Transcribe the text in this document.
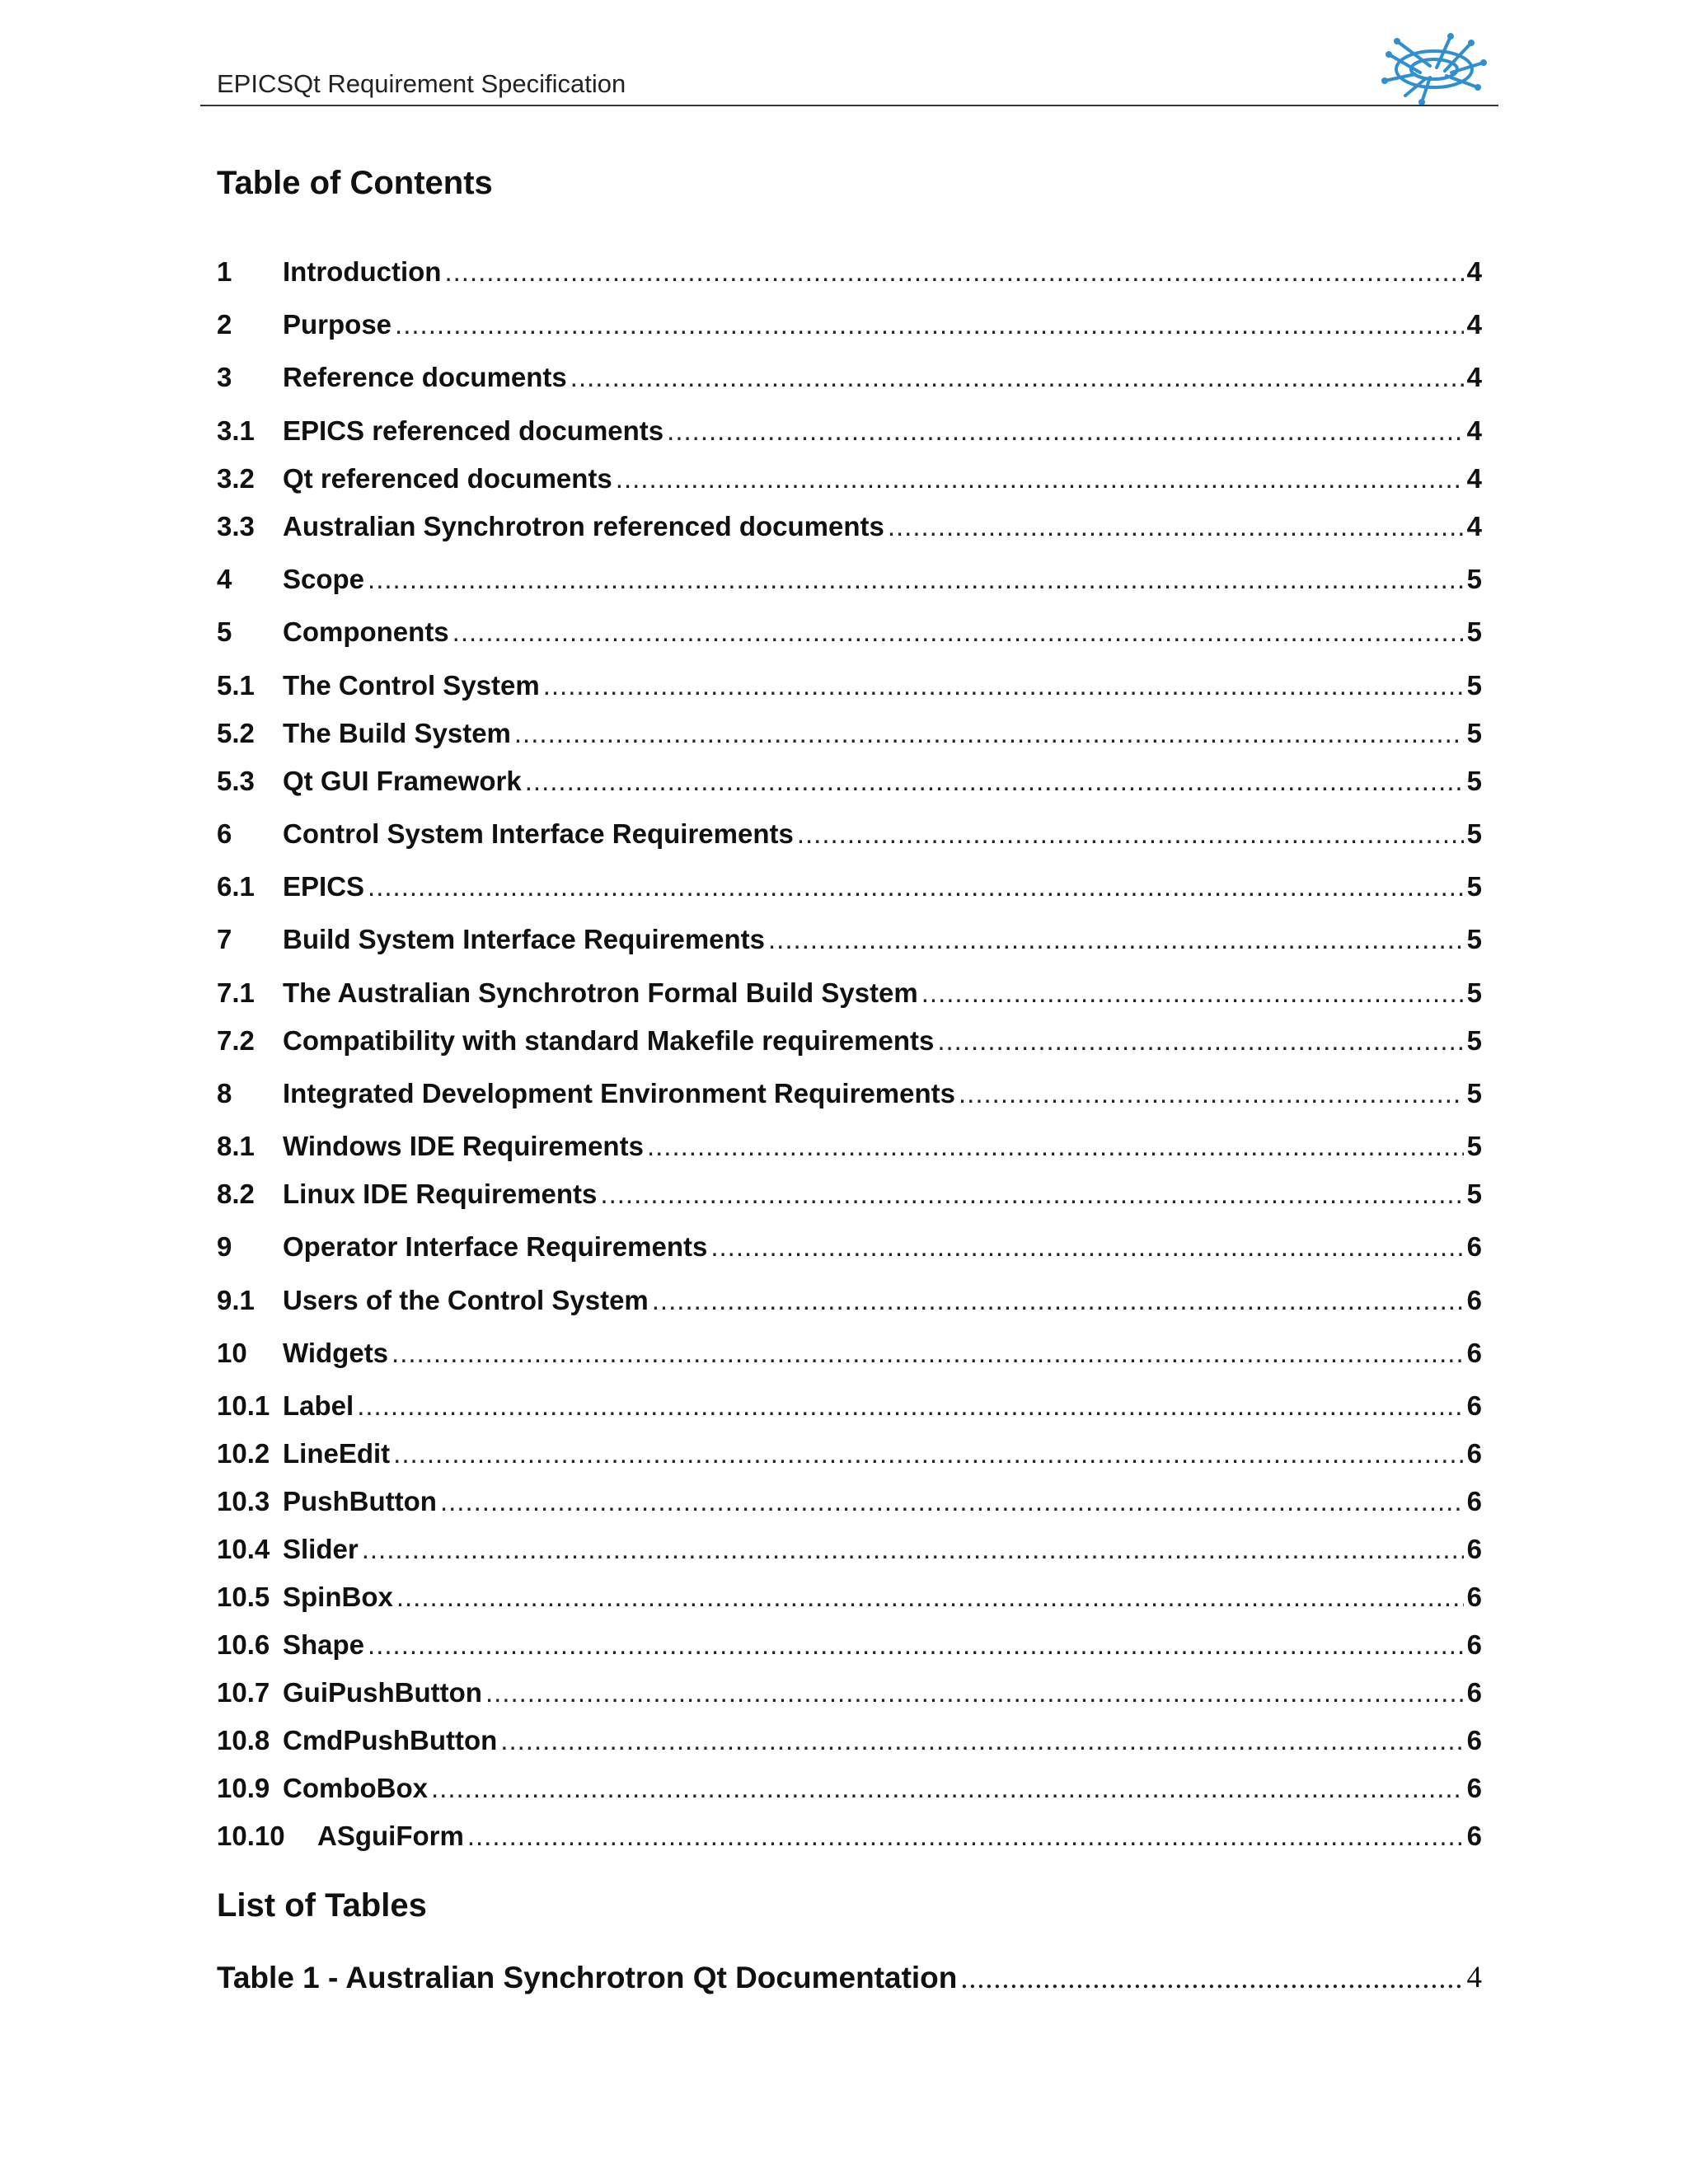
EPICSQt Requirement Specification
Table of Contents
1	Introduction .....	4
2	Purpose .....	4
3	Reference documents .....	4
3.1	EPICS referenced documents .....	4
3.2	Qt referenced documents .....	4
3.3	Australian Synchrotron referenced documents .....	4
4	Scope .....	5
5	Components .....	5
5.1	The Control System .....	5
5.2	The Build System .....	5
5.3	Qt GUI Framework .....	5
6	Control System Interface Requirements .....	5
6.1	EPICS .....	5
7	Build System Interface Requirements .....	5
7.1	The Australian Synchrotron Formal Build System .....	5
7.2	Compatibility with standard Makefile requirements .....	5
8	Integrated Development Environment Requirements .....	5
8.1	Windows IDE Requirements .....	5
8.2	Linux IDE Requirements .....	5
9	Operator Interface Requirements .....	6
9.1	Users of the Control System .....	6
10	Widgets .....	6
10.1 Label .....	6
10.2 LineEdit .....	6
10.3 PushButton .....	6
10.4 Slider .....	6
10.5 SpinBox .....	6
10.6 Shape .....	6
10.7 GuiPushButton .....	6
10.8 CmdPushButton .....	6
10.9 ComboBox .....	6
10.10	ASguiForm .....	6
List of Tables
Table 1 - Australian Synchrotron Qt Documentation .....	4
